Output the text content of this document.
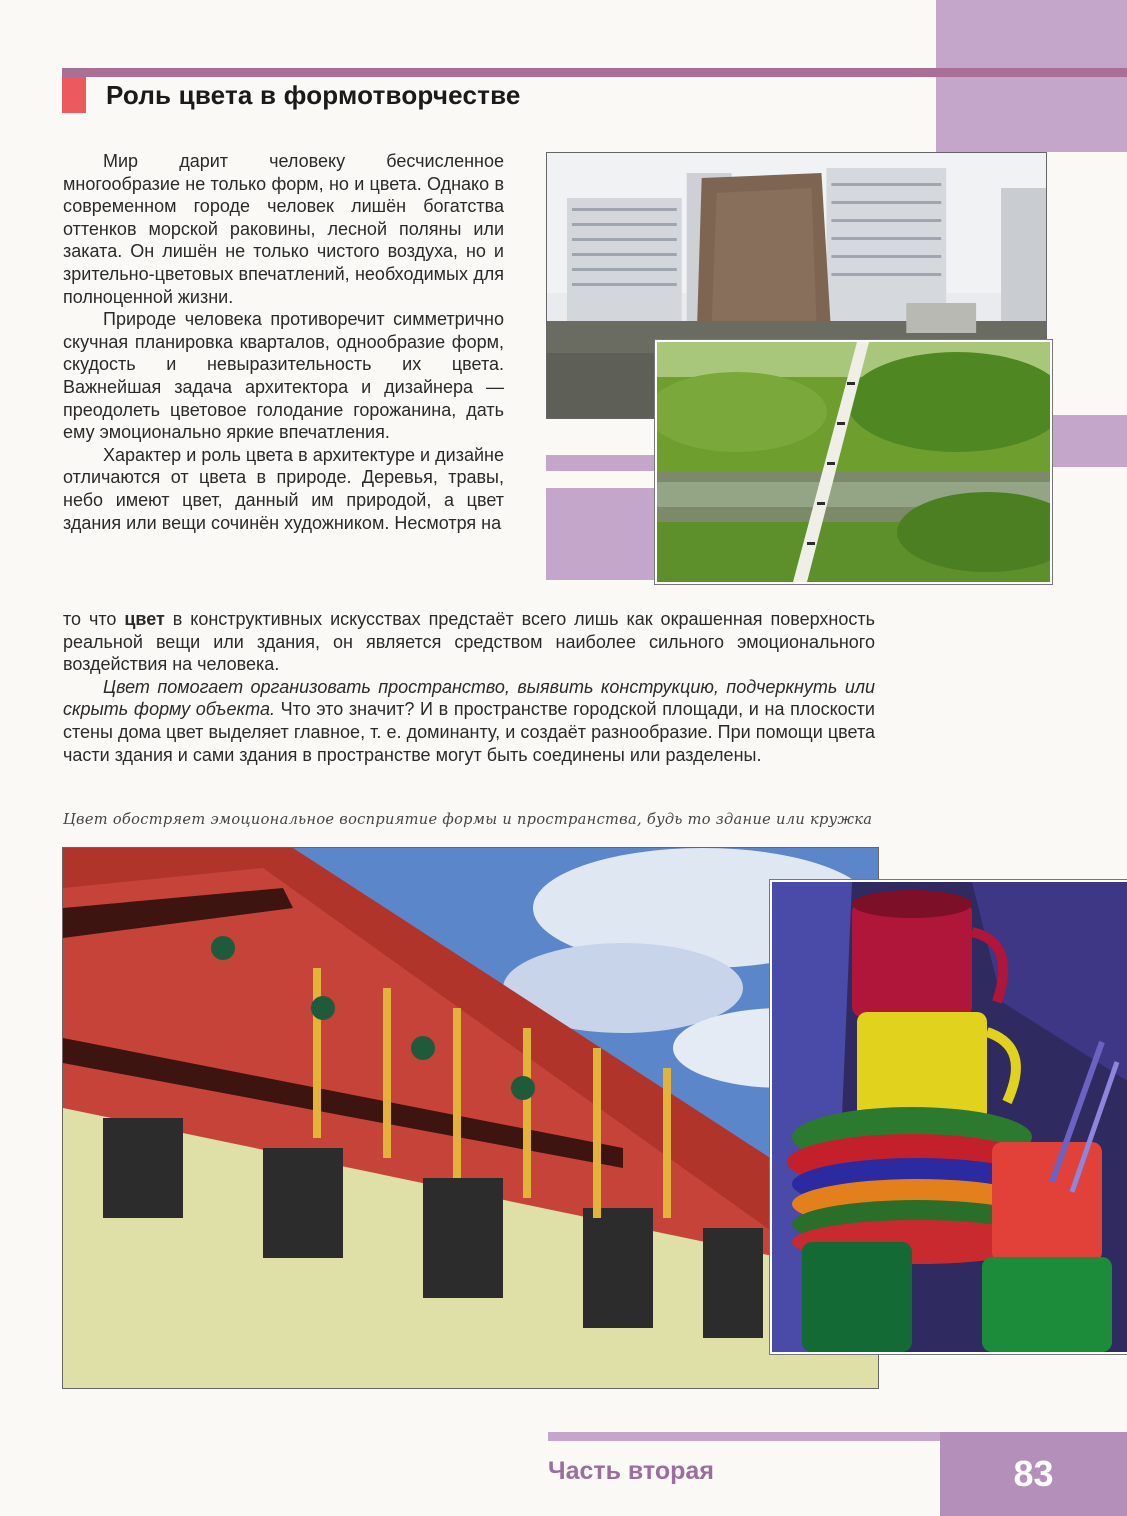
Роль цвета в формотворчестве

Мир дарит человеку бесчисленное многообразие не только форм, но и цвета. Однако в современном городе человек лишён богатства оттенков морской раковины, лесной поляны или заката. Он лишён не только чистого воздуха, но и зрительно-цветовых впечатлений, необходимых для полноценной жизни.

Природе человека противоречит симметрично скучная планировка кварталов, однообразие форм, скудость и невыразительность их цвета. Важнейшая задача архитектора и дизайнера — преодолеть цветовое голодание горожанина, дать ему эмоционально яркие впечатления.

Характер и роль цвета в архитектуре и дизайне отличаются от цвета в природе. Деревья, травы, небо имеют цвет, данный им природой, а цвет здания или вещи сочинён художником. Несмотря на

то что цвет в конструктивных искусствах предстаёт всего лишь как окрашенная поверхность реальной вещи или здания, он является средством наиболее сильного эмоционального воздействия на человека.

Цвет помогает организовать пространство, выявить конструкцию, подчеркнуть или скрыть форму объекта. Что это значит? И в пространстве городской площади, и на плоскости стены дома цвет выделяет главное, т. е. доминанту, и создаёт разнообразие. При помощи цвета части здания и сами здания в пространстве могут быть соединены или разделены.

Цвет обостряет эмоциональное восприятие формы и пространства, будь то здание или кружка

Часть вторая	83
